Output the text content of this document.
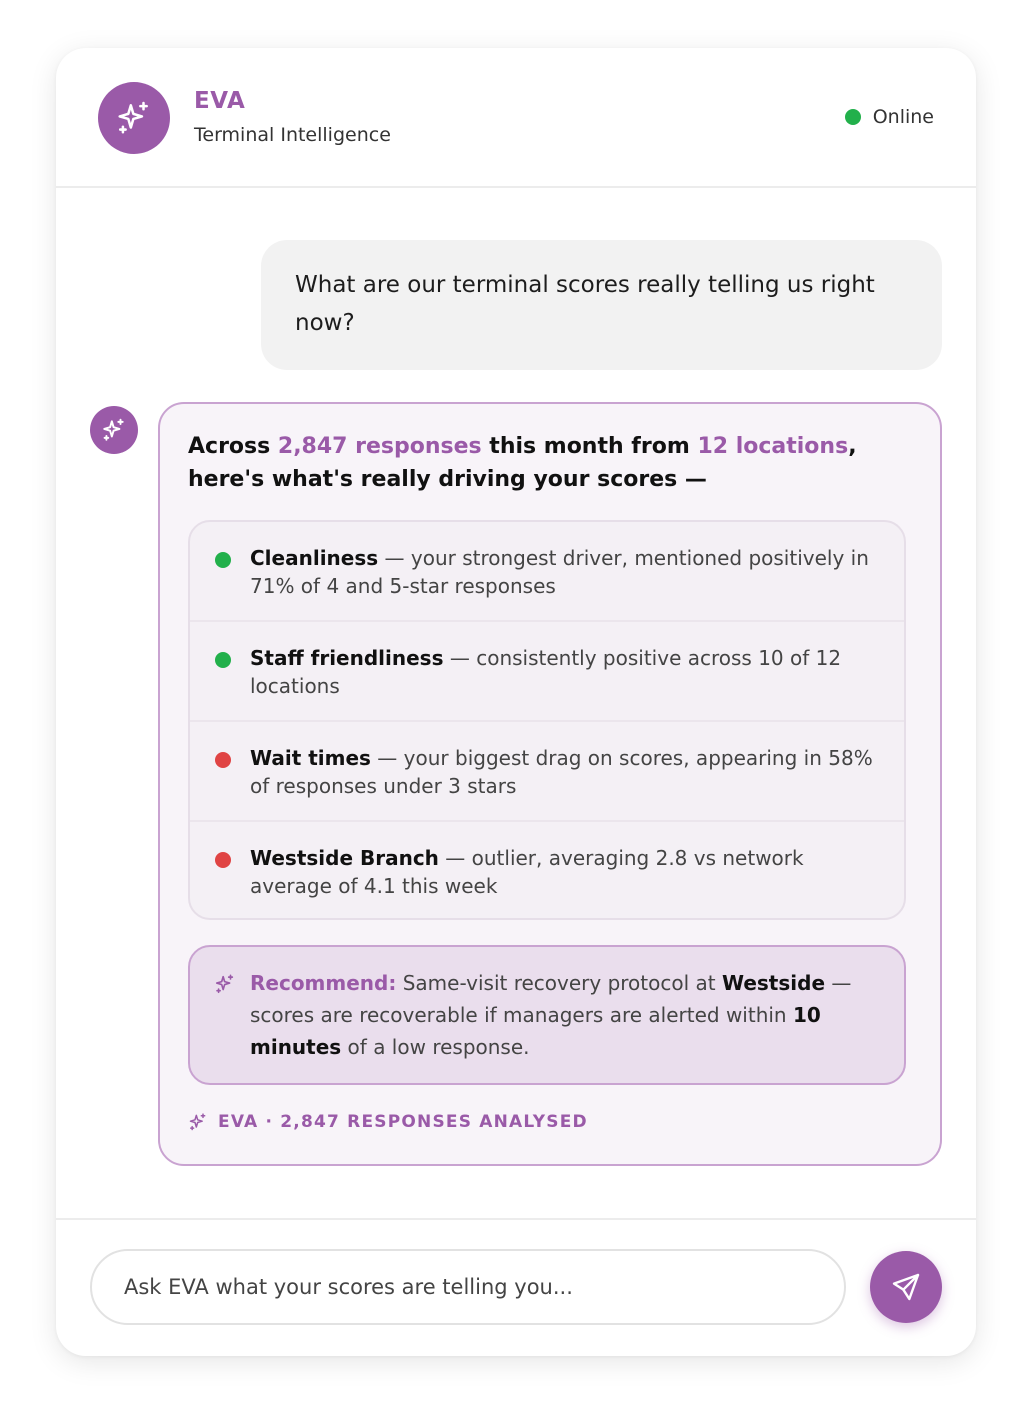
EVA
Terminal Intelligence
Online
What are our terminal scores really telling us right now?
Across 2,847 responses this month from 12 locations, here's what's really driving your scores —
Cleanliness — your strongest driver, mentioned positively in 71% of 4 and 5-star responses
Staff friendliness — consistently positive across 10 of 12 locations
Wait times — your biggest drag on scores, appearing in 58% of responses under 3 stars
Westside Branch — outlier, averaging 2.8 vs network average of 4.1 this week
Recommend: Same-visit recovery protocol at Westside — scores are recoverable if managers are alerted within 10 minutes of a low response.
EVA · 2,847 RESPONSES ANALYSED
Ask EVA what your scores are telling you...
